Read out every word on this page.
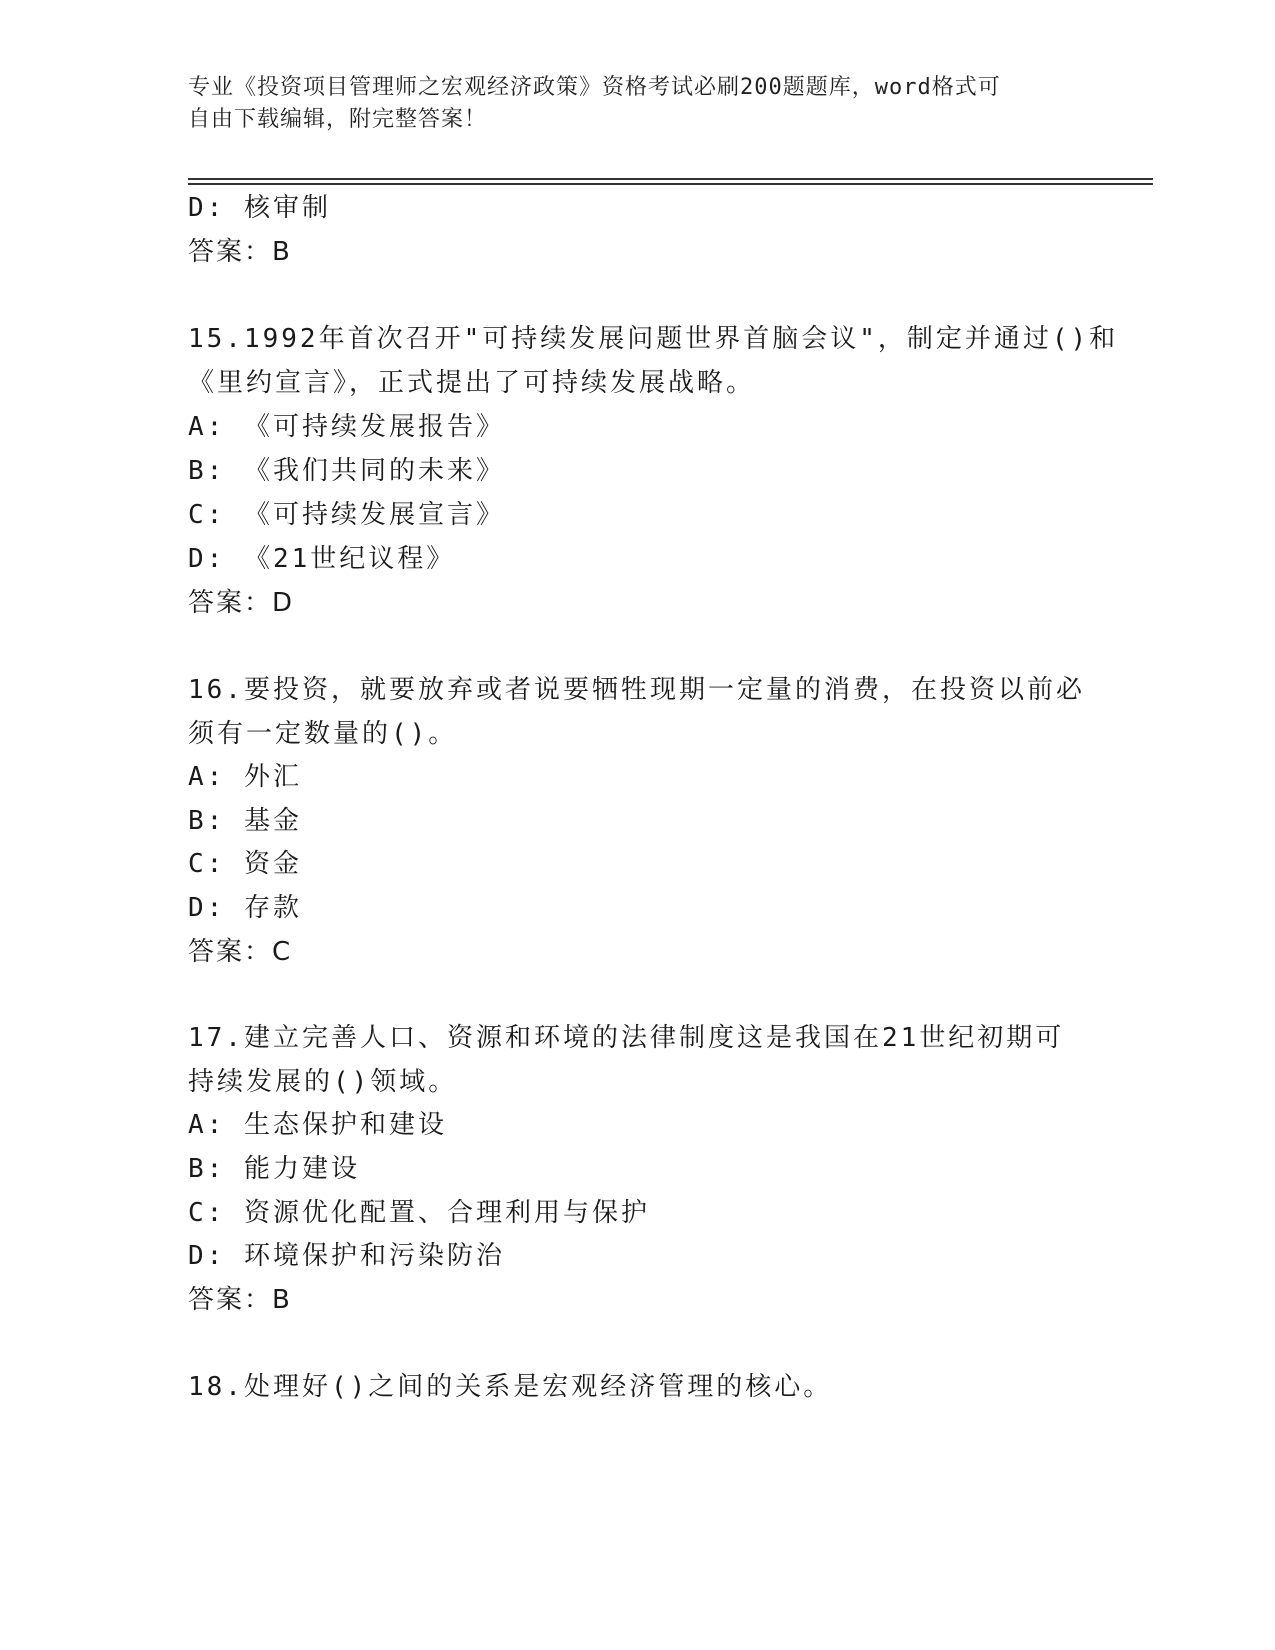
专业《投资项目管理师之宏观经济政策》资格考试必刷200题题库，word格式可
自由下载编辑，附完整答案！
D: 核审制
答案：B
15.1992年首次召开"可持续发展问题世界首脑会议"，制定并通过()和
《里约宣言》，正式提出了可持续发展战略。
A: 《可持续发展报告》
B: 《我们共同的未来》
C: 《可持续发展宣言》
D: 《21世纪议程》
答案：D
16.要投资，就要放弃或者说要牺牲现期一定量的消费，在投资以前必
须有一定数量的()。
A: 外汇
B: 基金
C: 资金
D: 存款
答案：C
17.建立完善人口、资源和环境的法律制度这是我国在21世纪初期可
持续发展的()领域。
A: 生态保护和建设
B: 能力建设
C: 资源优化配置、合理利用与保护
D: 环境保护和污染防治
答案：B
18.处理好()之间的关系是宏观经济管理的核心。
